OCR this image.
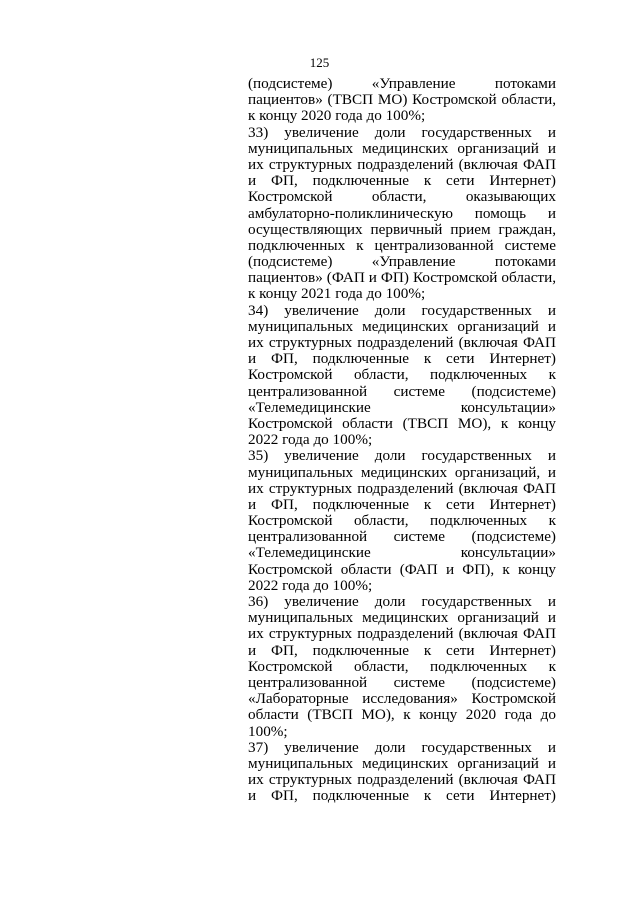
125
(подсистеме) «Управление потоками
пациентов» (ТВСП МО) Костромской области,
к концу 2020 года до 100%;
33) увеличение доли государственных и
муниципальных медицинских организаций и
их структурных подразделений (включая ФАП
и ФП, подключенные к сети Интернет)
Костромской области, оказывающих
амбулаторно-поликлиническую помощь и
осуществляющих первичный прием граждан,
подключенных к централизованной системе
(подсистеме) «Управление потоками
пациентов» (ФАП и ФП) Костромской области,
к концу 2021 года до 100%;
34) увеличение доли государственных и
муниципальных медицинских организаций и
их структурных подразделений (включая ФАП
и ФП, подключенные к сети Интернет)
Костромской области, подключенных к
централизованной системе (подсистеме)
«Телемедицинские консультации»
Костромской области (ТВСП МО), к концу
2022 года до 100%;
35) увеличение доли государственных и
муниципальных медицинских организаций, и
их структурных подразделений (включая ФАП
и ФП, подключенные к сети Интернет)
Костромской области, подключенных к
централизованной системе (подсистеме)
«Телемедицинские консультации»
Костромской области (ФАП и ФП), к концу
2022 года до 100%;
36) увеличение доли государственных и
муниципальных медицинских организаций и
их структурных подразделений (включая ФАП
и ФП, подключенные к сети Интернет)
Костромской области, подключенных к
централизованной системе (подсистеме)
«Лабораторные исследования» Костромской
области (ТВСП МО), к концу 2020 года до
100%;
37) увеличение доли государственных и
муниципальных медицинских организаций и
их структурных подразделений (включая ФАП
и ФП, подключенные к сети Интернет)
